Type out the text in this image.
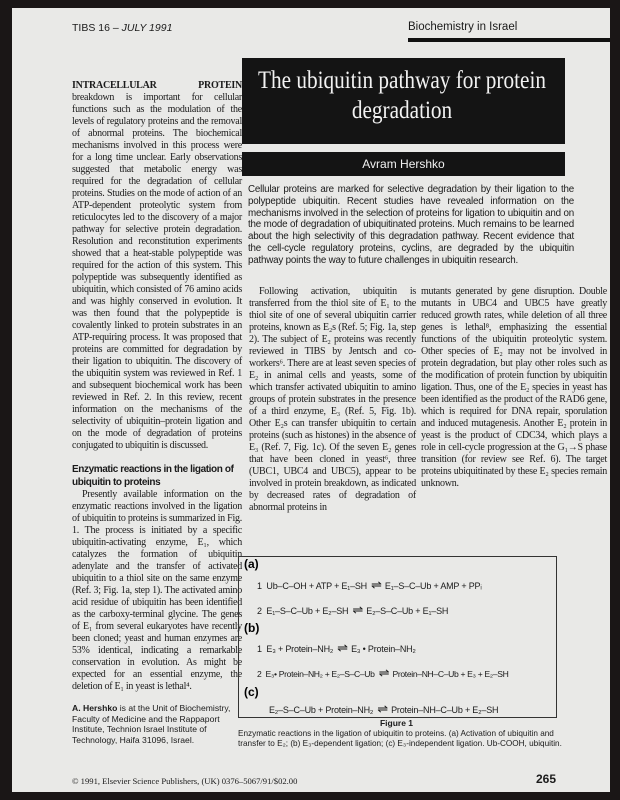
TIBS 16 – JULY 1991	Biochemistry in Israel
The ubiquitin pathway for protein degradation
Avram Hershko
Cellular proteins are marked for selective degradation by their ligation to the polypeptide ubiquitin. Recent studies have revealed information on the mechanisms involved in the selection of proteins for ligation to ubiquitin and on the mode of degradation of ubiquitinated proteins. Much remains to be learned about the high selectivity of this degradation pathway. Recent evidence that the cell-cycle regulatory proteins, cyclins, are degraded by the ubiquitin pathway points the way to future challenges in ubiquitin research.

INTRACELLULAR PROTEIN breakdown is important for cellular functions such as the modulation of the levels of regulatory proteins and the removal of abnormal proteins. The biochemical mechanisms involved in this process were for a long time unclear. Early observations suggested that metabolic energy was required for the degradation of cellular proteins. Studies on the mode of action of an ATP-dependent proteolytic system from reticulocytes led to the discovery of a major pathway for selective protein degradation. Resolution and reconstitution experiments showed that a heat-stable polypeptide was required for the action of this system. This polypeptide was subsequently identified as ubiquitin, which consisted of 76 amino acids and was highly conserved in evolution. It was then found that the polypeptide is covalently linked to protein substrates in an ATP-requiring process. It was proposed that proteins are committed for degradation by their ligation to ubiquitin. The discovery of the ubiquitin system was reviewed in Ref. 1 and subsequent biochemical work has been reviewed in Ref. 2. In this review, recent information on the mechanisms of the selectivity of ubiquitin–protein ligation and on the mode of degradation of proteins conjugated to ubiquitin is discussed.

Enzymatic reactions in the ligation of ubiquitin to proteins

Presently available information on the enzymatic reactions involved in the ligation of ubiquitin to proteins is summarized in Fig. 1. The process is initiated by a specific ubiquitin-activating enzyme, E₁, which catalyzes the formation of ubiquitin adenylate and the transfer of activated ubiquitin to a thiol site on the same enzyme (Ref. 3; Fig. 1a, step 1). The activated amino acid residue of ubiquitin has been identified as the carboxy-terminal glycine. The genes of E₁ from several eukaryotes have recently been cloned; yeast and human enzymes are 53% identical, indicating a remarkable conservation in evolution. As might be expected for an essential enzyme, the deletion of E₁ in yeast is lethal⁴.

A. Hershko is at the Unit of Biochemistry, Faculty of Medicine and the Rappaport Institute, Technion Israel Institute of Technology, Haifa 31096, Israel.

Following activation, ubiquitin is transferred from the thiol site of E₁ to the thiol site of one of several ubiquitin carrier proteins, known as E₂s (Ref. 5; Fig. 1a, step 2). The subject of E₂ proteins was recently reviewed in TIBS by Jentsch and co-workers⁶. There are at least seven species of E₂ in animal cells and yeasts, some of which transfer activated ubiquitin to amino groups of protein substrates in the presence of a third enzyme, E₃ (Ref. 5, Fig. 1b). Other E₂s can transfer ubiquitin to certain proteins (such as histones) in the absence of E₃ (Ref. 7, Fig. 1c). Of the seven E₂ genes that have been cloned in yeast⁶, three (UBC1, UBC4 and UBC5), appear to be involved in protein breakdown, as indicated by decreased rates of degradation of abnormal proteins in
mutants generated by gene disruption. Double mutants in UBC4 and UBC5 have greatly reduced growth rates, while deletion of all three genes is lethal⁸, emphasizing the essential functions of the ubiquitin proteolytic system. Other species of E₂ may not be involved in protein degradation, but play other roles such as the modification of protein function by ubiquitin ligation. Thus, one of the E₂ species in yeast has been identified as the product of the RAD6 gene, which is required for DNA repair, sporulation and induced mutagenesis. Another E₂ protein in yeast is the product of CDC34, which plays a role in cell-cycle progression at the G₁→S phase transition (for review see Ref. 6). The target proteins ubiquitinated by these E₂ species remain unknown.
(a)
1 Ub–C–OH + ATP + E₁–SH ⇌ E₁–S–C–Ub + AMP + PPᵢ
2 E₁–S–C–Ub + E₂–SH ⇌ E₂–S–C–Ub + E₁–SH
(b)
1 E₃ + Protein–NH₂ ⇌ E₃ • Protein–NH₂
2 E₃• Protein–NH₂ + E₂–S–C–Ub ⇌ Protein–NH–C–Ub + E₃ + E₂–SH
(c)
E₂–S–C–Ub + Protein–NH₂ ⇌ Protein–NH–C–Ub + E₂–SH
Figure 1
Enzymatic reactions in the ligation of ubiquitin to proteins. (a) Activation of ubiquitin and transfer to E₂; (b) E₃-dependent ligation; (c) E₃-independent ligation. Ub-COOH, ubiquitin.
© 1991, Elsevier Science Publishers, (UK) 0376–5067/91/$02.00	265
